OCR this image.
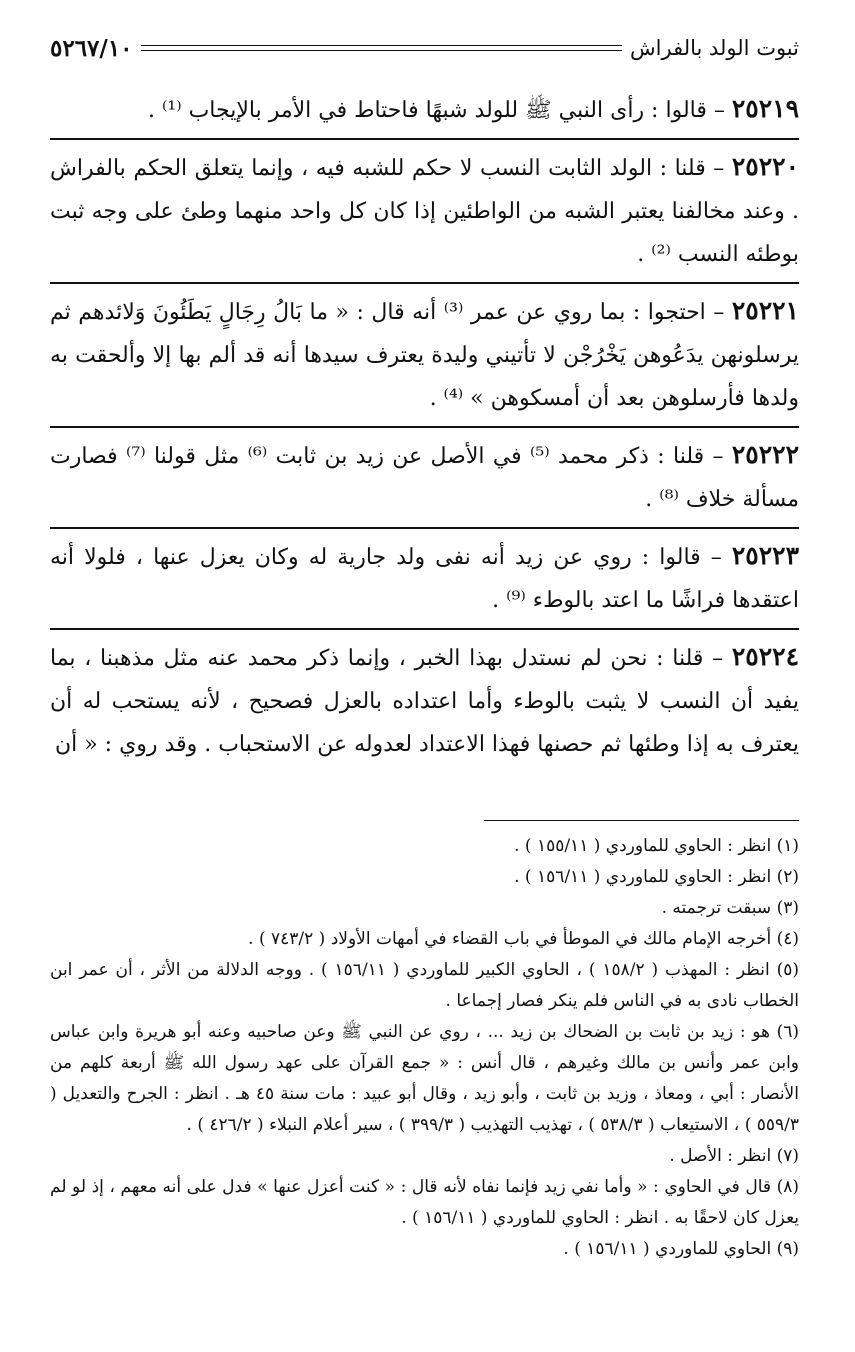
ثبوت الولد بالفراش
٥٢٦٧/١٠

٢٥٢١٩ – قالوا : رأى النبي ﷺ للولد شبهًا فاحتاط في الأمر بالإيجاب ⁽¹⁾ .

٢٥٢٢٠ – قلنا : الولد الثابت النسب لا حكم للشبه فيه ، وإنما يتعلق الحكم بالفراش . وعند مخالفنا يعتبر الشبه من الواطئين إذا كان كل واحد منهما وطئ على وجه ثبت بوطئه النسب ⁽²⁾ .

٢٥٢٢١ – احتجوا : بما روي عن عمر ⁽³⁾ أنه قال : « ما بَالُ رِجَالٍ يَطَئُونَ وَلائدهم ثم يرسلونهن يدَعُوهن يَخْرُجْن لا تأتيني وليدة يعترف سيدها أنه قد ألم بها إلا وألحقت به ولدها فأرسلوهن بعد أن أمسكوهن » ⁽⁴⁾ .

٢٥٢٢٢ – قلنا : ذكر محمد ⁽⁵⁾ في الأصل عن زيد بن ثابت ⁽⁶⁾ مثل قولنا ⁽⁷⁾ فصارت مسألة خلاف ⁽⁸⁾ .

٢٥٢٢٣ – قالوا : روي عن زيد أنه نفى ولد جارية له وكان يعزل عنها ، فلولا أنه اعتقدها فراشًا ما اعتد بالوطء ⁽⁹⁾ .

٢٥٢٢٤ – قلنا : نحن لم نستدل بهذا الخبر ، وإنما ذكر محمد عنه مثل مذهبنا ، بما يفيد أن النسب لا يثبت بالوطء وأما اعتداده بالعزل فصحيح ، لأنه يستحب له أن يعترف به إذا وطئها ثم حصنها فهذا الاعتداد لعدوله عن الاستحباب . وقد روي : « أن

(١) انظر : الحاوي للماوردي ( ١٥٥/١١ ) .

(٢) انظر : الحاوي للماوردي ( ١٥٦/١١ ) .

(٣) سبقت ترجمته .

(٤) أخرجه الإمام مالك في الموطأ في باب القضاء في أمهات الأولاد ( ٧٤٣/٢ ) .

(٥) انظر : المهذب ( ١٥٨/٢ ) ، الحاوي الكبير للماوردي ( ١٥٦/١١ ) . ووجه الدلالة من الأثر ، أن عمر ابن الخطاب نادى به في الناس فلم ينكر فصار إجماعا .

(٦) هو : زيد بن ثابت بن الضحاك بن زيد ... ، روي عن النبي ﷺ وعن صاحبيه وعنه أبو هريرة وابن عباس وابن عمر وأنس بن مالك وغيرهم ، قال أنس : « جمع القرآن على عهد رسول الله ﷺ أربعة كلهم من الأنصار : أبي ، ومعاذ ، وزيد بن ثابت ، وأبو زيد ، وقال أبو عبيد : مات سنة ٤٥ هـ . انظر : الجرح والتعديل ( ٥٥٩/٣ ) ، الاستيعاب ( ٥٣٨/٣ ) ، تهذيب التهذيب ( ٣٩٩/٣ ) ، سير أعلام النبلاء ( ٤٢٦/٢ ) .

(٧) انظر : الأصل .

(٨) قال في الحاوي : « وأما نفي زيد فإنما نفاه لأنه قال : « كنت أعزل عنها » فدل على أنه معهم ، إذ لو لم يعزل كان لاحقًا به . انظر : الحاوي للماوردي ( ١٥٦/١١ ) .

(٩) الحاوي للماوردي ( ١٥٦/١١ ) .
